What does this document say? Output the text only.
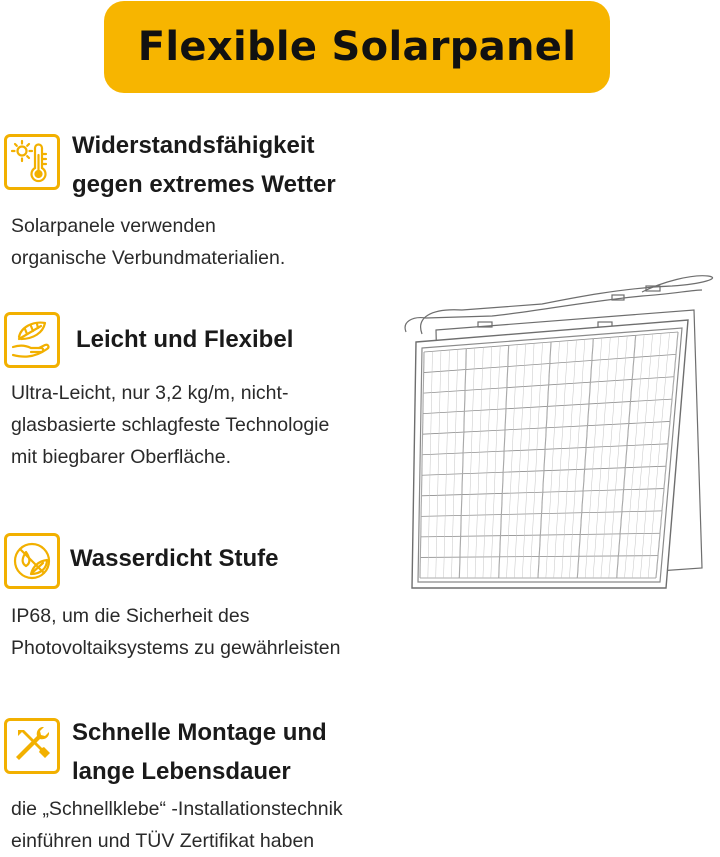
Flexible Solarpanel
Widerstandsfähigkeit
gegen extremes Wetter
Solarpanele verwenden
organische Verbundmaterialien.
Leicht und Flexibel
Ultra-Leicht, nur 3,2 kg/m, nicht-
glasbasierte schlagfeste Technologie
mit biegbarer Oberfläche.
Wasserdicht Stufe
IP68, um die Sicherheit des
Photovoltaiksystems zu gewährleisten
Schnelle Montage und
lange Lebensdauer
die „Schnellklebe“ -Installationstechnik
einführen und TÜV Zertifikat haben
